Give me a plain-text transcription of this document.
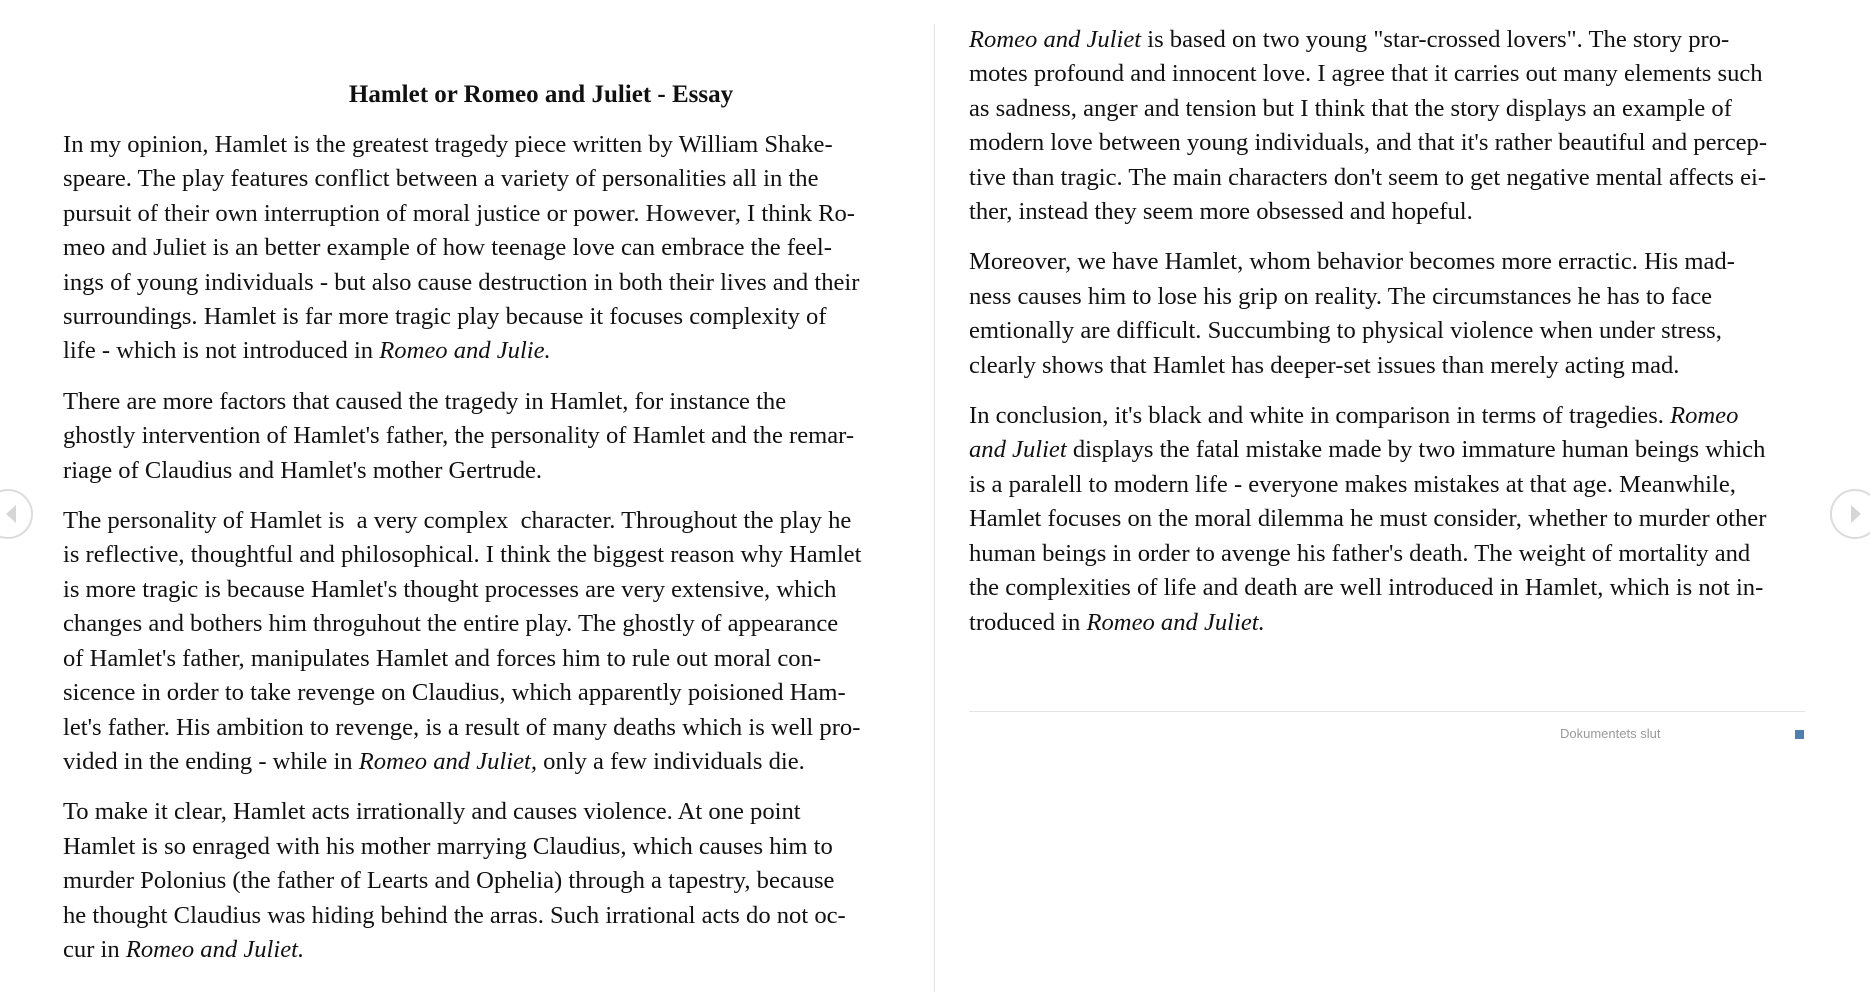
Hamlet or Romeo and Juliet - Essay

In my opinion, Hamlet is the greatest tragedy piece written by William Shake-
speare. The play features conflict between a variety of personalities all in the
pursuit of their own interruption of moral justice or power. However, I think Ro-
meo and Juliet is an better example of how teenage love can embrace the feel-
ings of young individuals - but also cause destruction in both their lives and their
surroundings. Hamlet is far more tragic play because it focuses complexity of
life - which is not introduced in Romeo and Julie.

There are more factors that caused the tragedy in Hamlet, for instance the
ghostly intervention of Hamlet's father, the personality of Hamlet and the remar-
riage of Claudius and Hamlet's mother Gertrude.

The personality of Hamlet is  a very complex  character. Throughout the play he
is reflective, thoughtful and philosophical. I think the biggest reason why Hamlet
is more tragic is because Hamlet's thought processes are very extensive, which
changes and bothers him throguhout the entire play. The ghostly of appearance
of Hamlet's father, manipulates Hamlet and forces him to rule out moral con-
sicence in order to take revenge on Claudius, which apparently poisioned Ham-
let's father. His ambition to revenge, is a result of many deaths which is well pro-
vided in the ending - while in Romeo and Juliet, only a few individuals die.

To make it clear, Hamlet acts irrationally and causes violence. At one point
Hamlet is so enraged with his mother marrying Claudius, which causes him to
murder Polonius (the father of Learts and Ophelia) through a tapestry, because
he thought Claudius was hiding behind the arras. Such irrational acts do not oc-
cur in Romeo and Juliet.

Romeo and Juliet is based on two young "star-crossed lovers". The story pro-
motes profound and innocent love. I agree that it carries out many elements such
as sadness, anger and tension but I think that the story displays an example of
modern love between young individuals, and that it's rather beautiful and percep-
tive than tragic. The main characters don't seem to get negative mental affects ei-
ther, instead they seem more obsessed and hopeful.

Moreover, we have Hamlet, whom behavior becomes more erractic. His mad-
ness causes him to lose his grip on reality. The circumstances he has to face
emtionally are difficult. Succumbing to physical violence when under stress,
clearly shows that Hamlet has deeper-set issues than merely acting mad.

In conclusion, it's black and white in comparison in terms of tragedies. Romeo
and Juliet displays the fatal mistake made by two immature human beings which
is a paralell to modern life - everyone makes mistakes at that age. Meanwhile,
Hamlet focuses on the moral dilemma he must consider, whether to murder other
human beings in order to avenge his father's death. The weight of mortality and
the complexities of life and death are well introduced in Hamlet, which is not in-
troduced in Romeo and Juliet.

Dokumentets slut
